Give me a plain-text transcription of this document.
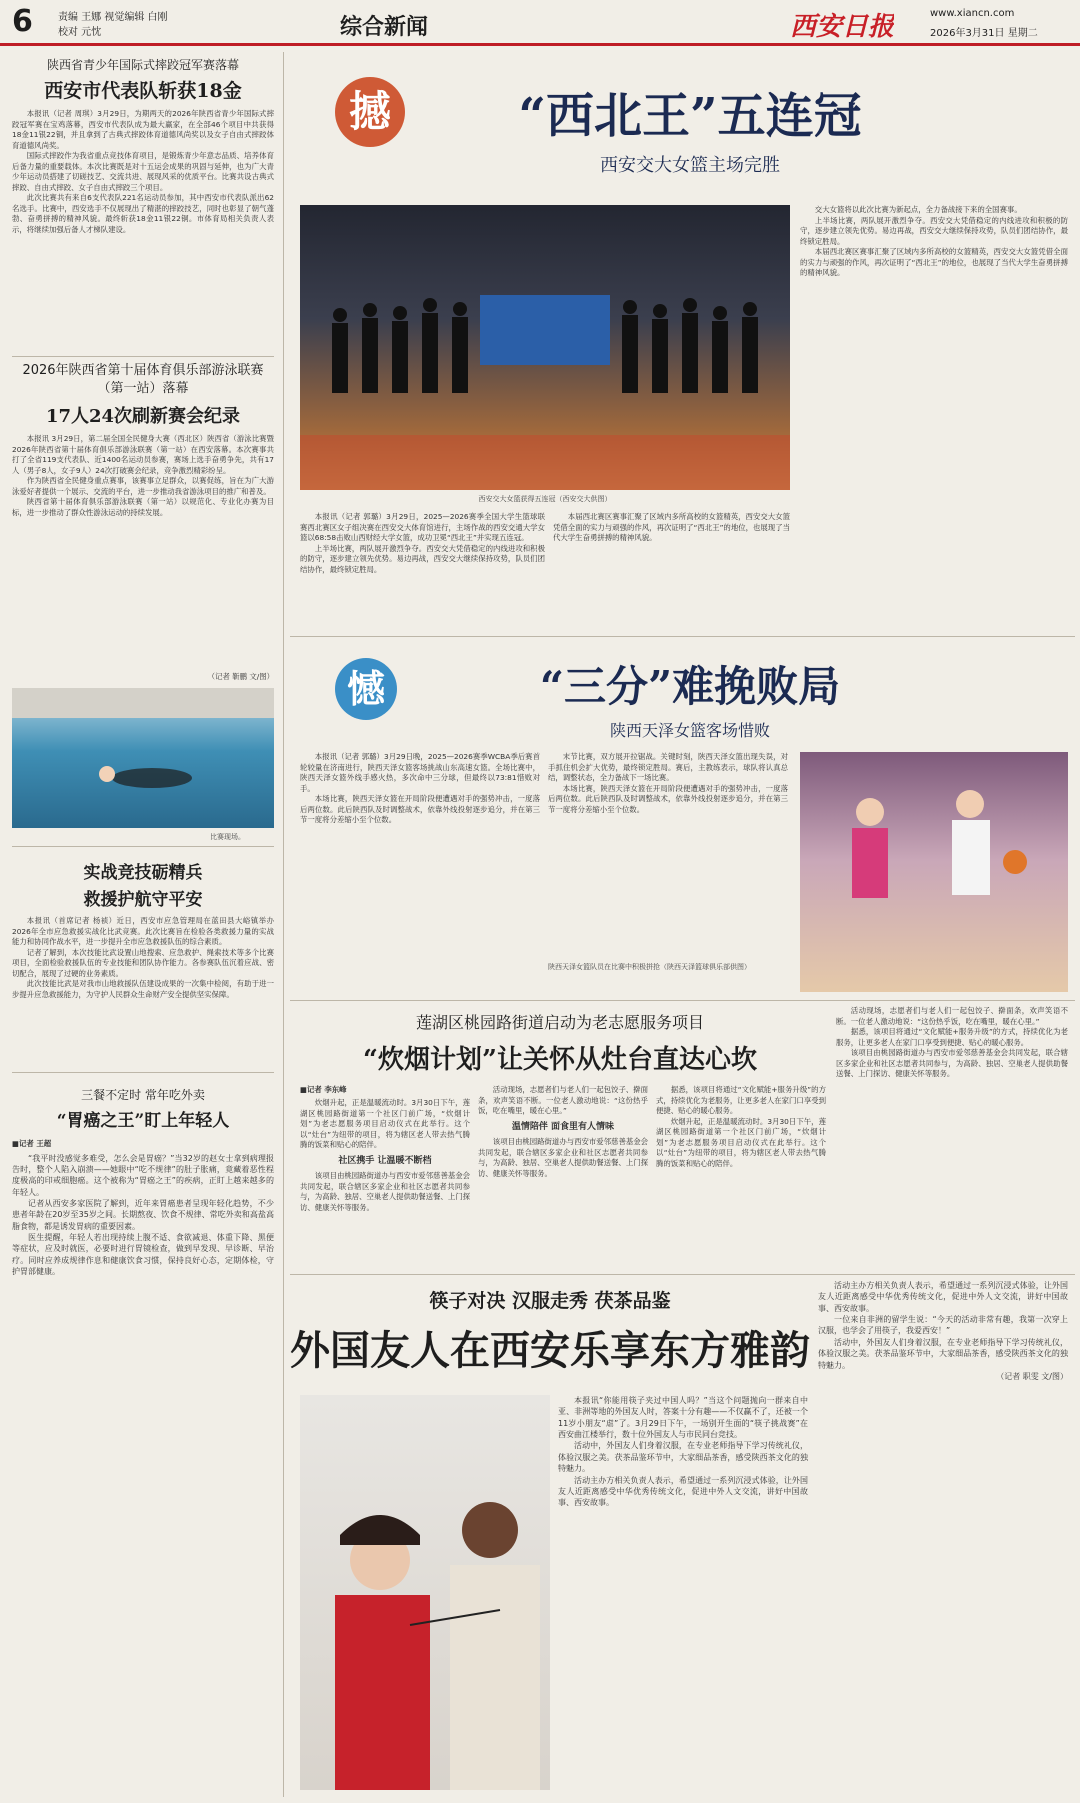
6	责编 王娜 视觉编辑 白刚
校对 元忱	综合新闻	西安日报	www.xiancn.com
2026年3月31日 星期二
陕西省青少年国际式摔跤冠军赛落幕
西安市代表队斩获18金

本报讯（记者 周琪）3月29日，为期两天的2026年陕西省青少年国际式摔跤冠军赛在宝鸡落幕，西安市代表队成为最大赢家，在全部46个项目中共获得18金11银22铜，并且拿到了古典式摔跤体育道德风尚奖以及女子自由式摔跤体育道德风尚奖。

国际式摔跤作为我省重点竞技体育项目，是锻炼青少年意志品质、培养体育后备力量的重要载体。本次比赛既是对十五运会成果的巩固与延伸，也为广大青少年运动员搭建了切磋技艺、交流共进、展现风采的优质平台。比赛共设古典式摔跤、自由式摔跤、女子自由式摔跤三个项目。

此次比赛共有来自6支代表队221名运动员参加，其中西安市代表队派出62名选手。比赛中，西安选手不仅展现出了精湛的摔跤技艺，同时也彰显了朝气蓬勃、奋勇拼搏的精神风貌。最终斩获18金11银22铜。市体育局相关负责人表示，将继续加强后备人才梯队建设。

2026年陕西省第十届体育俱乐部游泳联赛（第一站）落幕
17人24次刷新赛会纪录

本报讯 3月29日，第二届全国全民健身大赛（西北区）陕西省（游泳比赛暨2026年陕西省第十届体育俱乐部游泳联赛（第一站）在西安落幕。本次赛事共打了全省119支代表队、近1400名运动员参赛，赛场上选手奋勇争先，共有17人（男子8人，女子9人）24次打破赛会纪录，竞争激烈精彩纷呈。

作为陕西省全民健身重点赛事，该赛事立足群众，以赛促练，旨在为广大游泳爱好者提供一个展示、交流的平台，进一步推动我省游泳项目的推广和普及。

陕西省第十届体育俱乐部游泳联赛（第一站）以规范化、专业化办赛为目标，进一步推动了群众性游泳运动的持续发展。

（记者 靳鹏 文/图）
比赛现场。
实战竞技砺精兵
救援护航守平安

本报讯（首席记者 杨祯）近日，西安市应急管理局在蓝田县大峪镇举办2026年全市应急救援实战化比武竞赛。此次比赛旨在检验各类救援力量的实战能力和协同作战水平，进一步提升全市应急救援队伍的综合素质。

记者了解到，本次技能比武设置山地搜索、应急救护、绳索技术等多个比赛项目，全面检验救援队伍的专业技能和团队协作能力。各参赛队伍沉着应战、密切配合，展现了过硬的业务素质。

此次技能比武是对我市山地救援队伍建设成果的一次集中检阅，有助于进一步提升应急救援能力，为守护人民群众生命财产安全提供坚实保障。

三餐不定时 常年吃外卖
“胃癌之王”盯上年轻人
■记者 王超

“我平时没感觉多难受，怎么会是胃癌？”当32岁的赵女士拿到病理报告时，整个人陷入崩溃——她眼中“吃不规律”的肚子胀痛，竟藏着恶性程度极高的印戒细胞癌。这个被称为“胃癌之王”的疾病，正盯上越来越多的年轻人。

记者从西安多家医院了解到，近年来胃癌患者呈现年轻化趋势，不少患者年龄在20岁至35岁之间。长期熬夜、饮食不规律、常吃外卖和高盐高脂食物，都是诱发胃病的重要因素。

医生提醒，年轻人若出现持续上腹不适、食欲减退、体重下降、黑便等症状，应及时就医，必要时进行胃镜检查，做到早发现、早诊断、早治疗。同时应养成规律作息和健康饮食习惯，保持良好心态，定期体检，守护胃部健康。

撼	“西北王”五连冠
西安交大女篮主场完胜
西安交大女篮获得五连冠（西安交大供图）

本报讯（记者 郭璐）3月29日，2025—2026赛季全国大学生篮球联赛西北赛区女子组决赛在西安交大体育馆进行，主场作战的西安交通大学女篮以68:58击败山西财经大学女篮，成功卫冕“西北王”并实现五连冠。

上半场比赛，两队展开激烈争夺。西安交大凭借稳定的内线进攻和积极的防守，逐步建立领先优势。易边再战，西安交大继续保持攻势，队员们团结协作，最终锁定胜局。

本届西北赛区赛事汇聚了区域内多所高校的女篮精英，西安交大女篮凭借全面的实力与顽强的作风，再次证明了“西北王”的地位，也展现了当代大学生奋勇拼搏的精神风貌。

交大女篮将以此次比赛为新起点，全力备战接下来的全国赛事。

上半场比赛，两队展开激烈争夺。西安交大凭借稳定的内线进攻和积极的防守，逐步建立领先优势。易边再战，西安交大继续保持攻势，队员们团结协作，最终锁定胜局。

本届西北赛区赛事汇聚了区域内多所高校的女篮精英，西安交大女篮凭借全面的实力与顽强的作风，再次证明了“西北王”的地位，也展现了当代大学生奋勇拼搏的精神风貌。

憾	“三分”难挽败局
陕西天泽女篮客场惜败

本报讯（记者 郭璐）3月29日晚，2025—2026赛季WCBA季后赛首轮较量在济南进行，陕西天泽女篮客场挑战山东高速女篮。全场比赛中，陕西天泽女篮外线手感火热，多次命中三分球，但最终以73:81惜败对手。

本场比赛，陕西天泽女篮在开局阶段便遭遇对手的强势冲击，一度落后两位数。此后陕西队及时调整战术，依靠外线投射逐步追分，并在第三节一度将分差缩小至个位数。

末节比赛，双方展开拉锯战。关键时刻，陕西天泽女篮出现失误，对手抓住机会扩大优势，最终锁定胜局。赛后，主教练表示，球队将认真总结，调整状态，全力备战下一场比赛。

本场比赛，陕西天泽女篮在开局阶段便遭遇对手的强势冲击，一度落后两位数。此后陕西队及时调整战术，依靠外线投射逐步追分，并在第三节一度将分差缩小至个位数。

陕西天泽女篮队员在比赛中积极拼抢（陕西天泽篮球俱乐部供图）
莲湖区桃园路街道启动为老志愿服务项目
“炊烟计划”让关怀从灶台直达心坎
■记者 李东峰

炊烟升起，正是温暖流动时。3月30日下午，莲湖区桃园路街道第一个社区门前广场，“炊烟计划”为老志愿服务项目启动仪式在此举行。这个以“灶台”为纽带的项目，将为辖区老人带去热气腾腾的饭菜和贴心的陪伴。

社区携手 让温暖不断档

该项目由桃园路街道办与西安市爱邻慈善基金会共同发起，联合辖区多家企业和社区志愿者共同参与，为高龄、独居、空巢老人提供助餐送餐、上门探访、健康关怀等服务。

活动现场，志愿者们与老人们一起包饺子、擀面条，欢声笑语不断。一位老人激动地说：“这份热乎饭，吃在嘴里，暖在心里。”

温情陪伴 面食里有人情味

该项目由桃园路街道办与西安市爱邻慈善基金会共同发起，联合辖区多家企业和社区志愿者共同参与，为高龄、独居、空巢老人提供助餐送餐、上门探访、健康关怀等服务。

据悉，该项目将通过“文化赋能+服务升级”的方式，持续优化为老服务，让更多老人在家门口享受到便捷、贴心的暖心服务。

炊烟升起，正是温暖流动时。3月30日下午，莲湖区桃园路街道第一个社区门前广场，“炊烟计划”为老志愿服务项目启动仪式在此举行。这个以“灶台”为纽带的项目，将为辖区老人带去热气腾腾的饭菜和贴心的陪伴。

活动现场，志愿者们与老人们一起包饺子、擀面条，欢声笑语不断。一位老人激动地说：“这份热乎饭，吃在嘴里，暖在心里。”

据悉，该项目将通过“文化赋能+服务升级”的方式，持续优化为老服务，让更多老人在家门口享受到便捷、贴心的暖心服务。

该项目由桃园路街道办与西安市爱邻慈善基金会共同发起，联合辖区多家企业和社区志愿者共同参与，为高龄、独居、空巢老人提供助餐送餐、上门探访、健康关怀等服务。

筷子对决 汉服走秀 茯茶品鉴
外国友人在西安乐享东方雅韵

本报讯“你能用筷子夹过中国人吗？”当这个问题抛向一群来自中亚、非洲等地的外国友人时，答案十分有趣——不仅赢不了，还被一个11岁小朋友“虐”了。3月29日下午，一场别开生面的“筷子挑战赛”在西安曲江楼举行，数十位外国友人与市民同台竞技。

活动中，外国友人们身着汉服，在专业老师指导下学习传统礼仪，体验汉服之美。茯茶品鉴环节中，大家细品茶香，感受陕西茶文化的独特魅力。

活动主办方相关负责人表示，希望通过一系列沉浸式体验，让外国友人近距离感受中华优秀传统文化，促进中外人文交流，讲好中国故事、西安故事。

活动主办方相关负责人表示，希望通过一系列沉浸式体验，让外国友人近距离感受中华优秀传统文化，促进中外人文交流，讲好中国故事、西安故事。

一位来自非洲的留学生说：“今天的活动非常有趣，我第一次穿上汉服，也学会了用筷子，我爱西安！”

活动中，外国友人们身着汉服，在专业老师指导下学习传统礼仪，体验汉服之美。茯茶品鉴环节中，大家细品茶香，感受陕西茶文化的独特魅力。

（记者 职雯 文/图）
